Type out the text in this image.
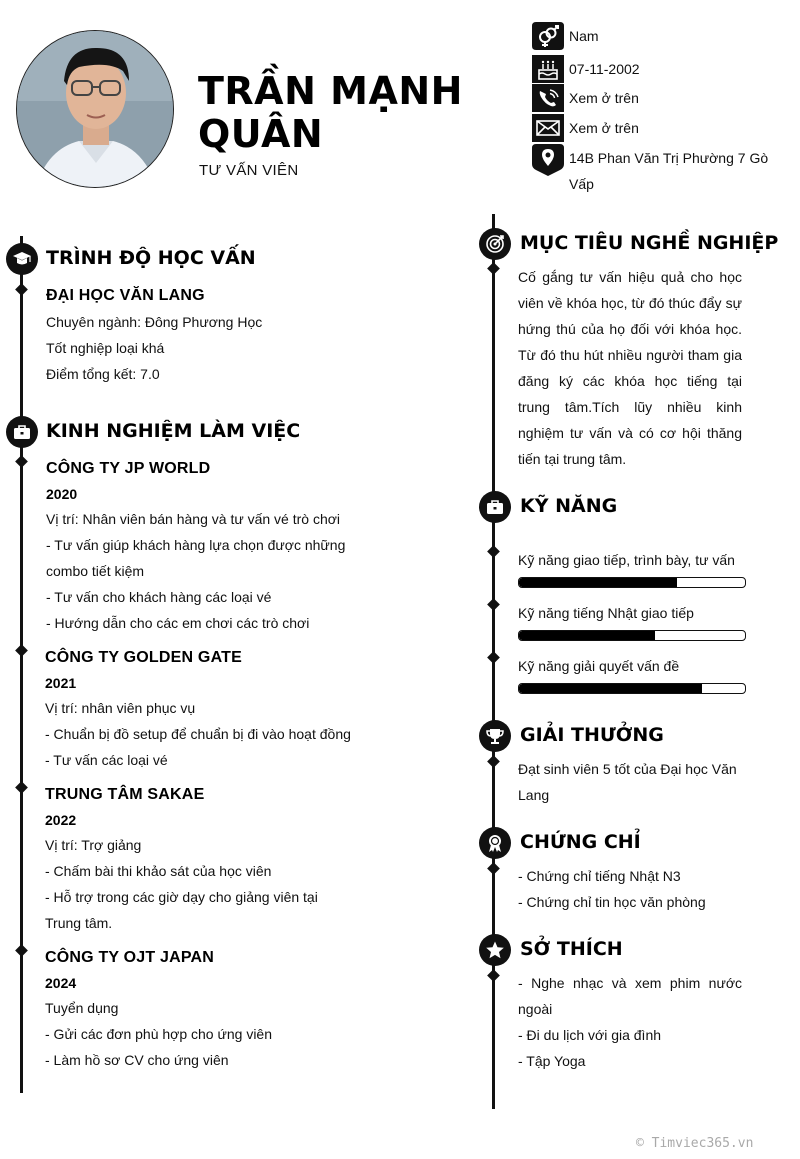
TRẦN MẠNH QUÂN
TƯ VẤN VIÊN
Nam
07-11-2002
Xem ở trên
Xem ở trên
14B Phan Văn Trị Phường 7 Gò Vấp
TRÌNH ĐỘ HỌC VẤN
ĐẠI HỌC VĂN LANG
Chuyên ngành: Đông Phương Học
Tốt nghiệp loại khá
Điểm tổng kết: 7.0
KINH NGHIỆM LÀM VIỆC
CÔNG TY JP WORLD
2020
Vị trí: Nhân viên bán hàng và tư vấn vé trò chơi
- Tư vấn giúp khách hàng lựa chọn được những
combo tiết kiệm
- Tư vấn cho khách hàng các loại vé
- Hướng dẫn cho các em chơi các trò chơi
CÔNG TY GOLDEN GATE
2021
Vị trí: nhân viên phục vụ
- Chuẩn bị đồ setup để chuẩn bị đi vào hoạt đồng
- Tư vấn các loại vé
TRUNG TÂM SAKAE
2022
Vị trí: Trợ giảng
- Chấm bài thi khảo sát của học viên
- Hỗ trợ trong các giờ dạy cho giảng viên tại
Trung tâm.
CÔNG TY OJT JAPAN
2024
Tuyển dụng
- Gửi các đơn phù hợp cho ứng viên
- Làm hồ sơ CV cho ứng viên
MỤC TIÊU NGHỀ NGHIỆP
Cố gắng tư vấn hiệu quả cho học viên về khóa học, từ đó thúc đẩy sự hứng thú của họ đối với khóa học. Từ đó thu hút nhiều người tham gia đăng ký các khóa học tiếng tại trung tâm.Tích lũy nhiều kinh nghiệm tư vấn và có cơ hội thăng tiến tại trung tâm.
KỸ NĂNG
Kỹ năng giao tiếp, trình bày, tư vấn
Kỹ năng tiếng Nhật giao tiếp
Kỹ năng giải quyết vấn đề
GIẢI THƯỞNG
Đạt sinh viên 5 tốt của Đại học Văn Lang
CHỨNG CHỈ
- Chứng chỉ tiếng Nhật N3
- Chứng chỉ tin học văn phòng
SỞ THÍCH
- Nghe nhạc và xem phim nước ngoài
- Đi du lịch với gia đình
- Tập Yoga
© Timviec365.vn
